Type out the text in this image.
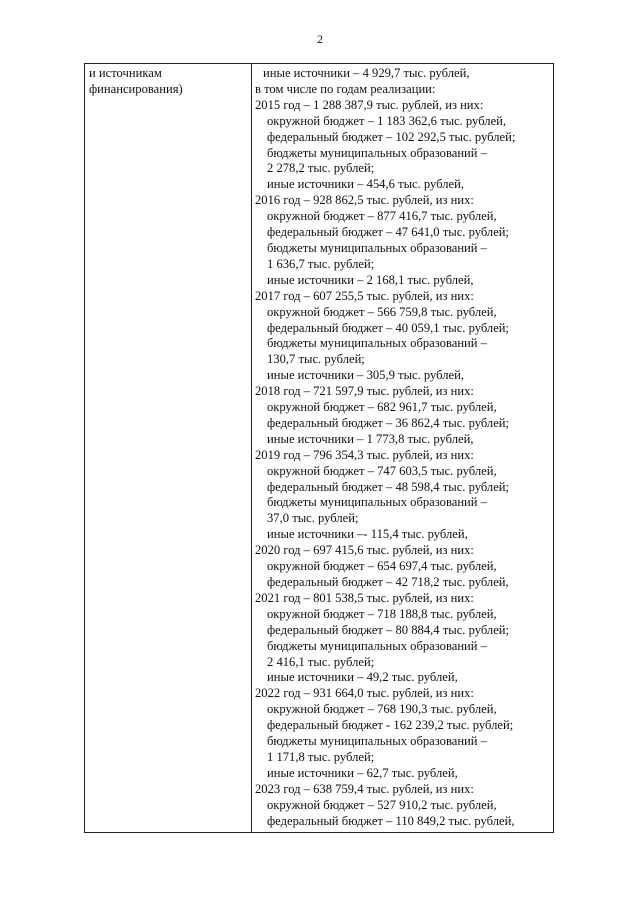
2
и источникам
финансирования)
иные источники – 4 929,7 тыс. рублей,
в том числе по годам реализации:
2015 год – 1 288 387,9 тыс. рублей, из них:
окружной бюджет – 1 183 362,6 тыс. рублей,
федеральный бюджет – 102 292,5 тыс. рублей;
бюджеты муниципальных образований –
2 278,2 тыс. рублей;
иные источники – 454,6 тыс. рублей,
2016 год – 928 862,5 тыс. рублей, из них:
окружной бюджет – 877 416,7 тыс. рублей,
федеральный бюджет – 47 641,0 тыс. рублей;
бюджеты муниципальных образований –
1 636,7 тыс. рублей;
иные источники – 2 168,1 тыс. рублей,
2017 год – 607 255,5 тыс. рублей, из них:
окружной бюджет – 566 759,8 тыс. рублей,
федеральный бюджет – 40 059,1 тыс. рублей;
бюджеты муниципальных образований –
130,7 тыс. рублей;
иные источники – 305,9 тыс. рублей,
2018 год – 721 597,9 тыс. рублей, из них:
окружной бюджет – 682 961,7 тыс. рублей,
федеральный бюджет – 36 862,4 тыс. рублей;
иные источники – 1 773,8 тыс. рублей,
2019 год – 796 354,3 тыс. рублей, из них:
окружной бюджет – 747 603,5 тыс. рублей,
федеральный бюджет – 48 598,4 тыс. рублей;
бюджеты муниципальных образований –
37,0 тыс. рублей;
иные источники –- 115,4 тыс. рублей,
2020 год – 697 415,6 тыс. рублей, из них:
окружной бюджет – 654 697,4 тыс. рублей,
федеральный бюджет – 42 718,2 тыс. рублей,
2021 год – 801 538,5 тыс. рублей, из них:
окружной бюджет – 718 188,8 тыс. рублей,
федеральный бюджет – 80 884,4 тыс. рублей;
бюджеты муниципальных образований –
2 416,1 тыс. рублей;
иные источники – 49,2 тыс. рублей,
2022 год – 931 664,0 тыс. рублей, из них:
окружной бюджет – 768 190,3 тыс. рублей,
федеральный бюджет - 162 239,2 тыс. рублей;
бюджеты муниципальных образований –
1 171,8 тыс. рублей;
иные источники – 62,7 тыс. рублей,
2023 год – 638 759,4 тыс. рублей, из них:
окружной бюджет – 527 910,2 тыс. рублей,
федеральный бюджет – 110 849,2 тыс. рублей,
